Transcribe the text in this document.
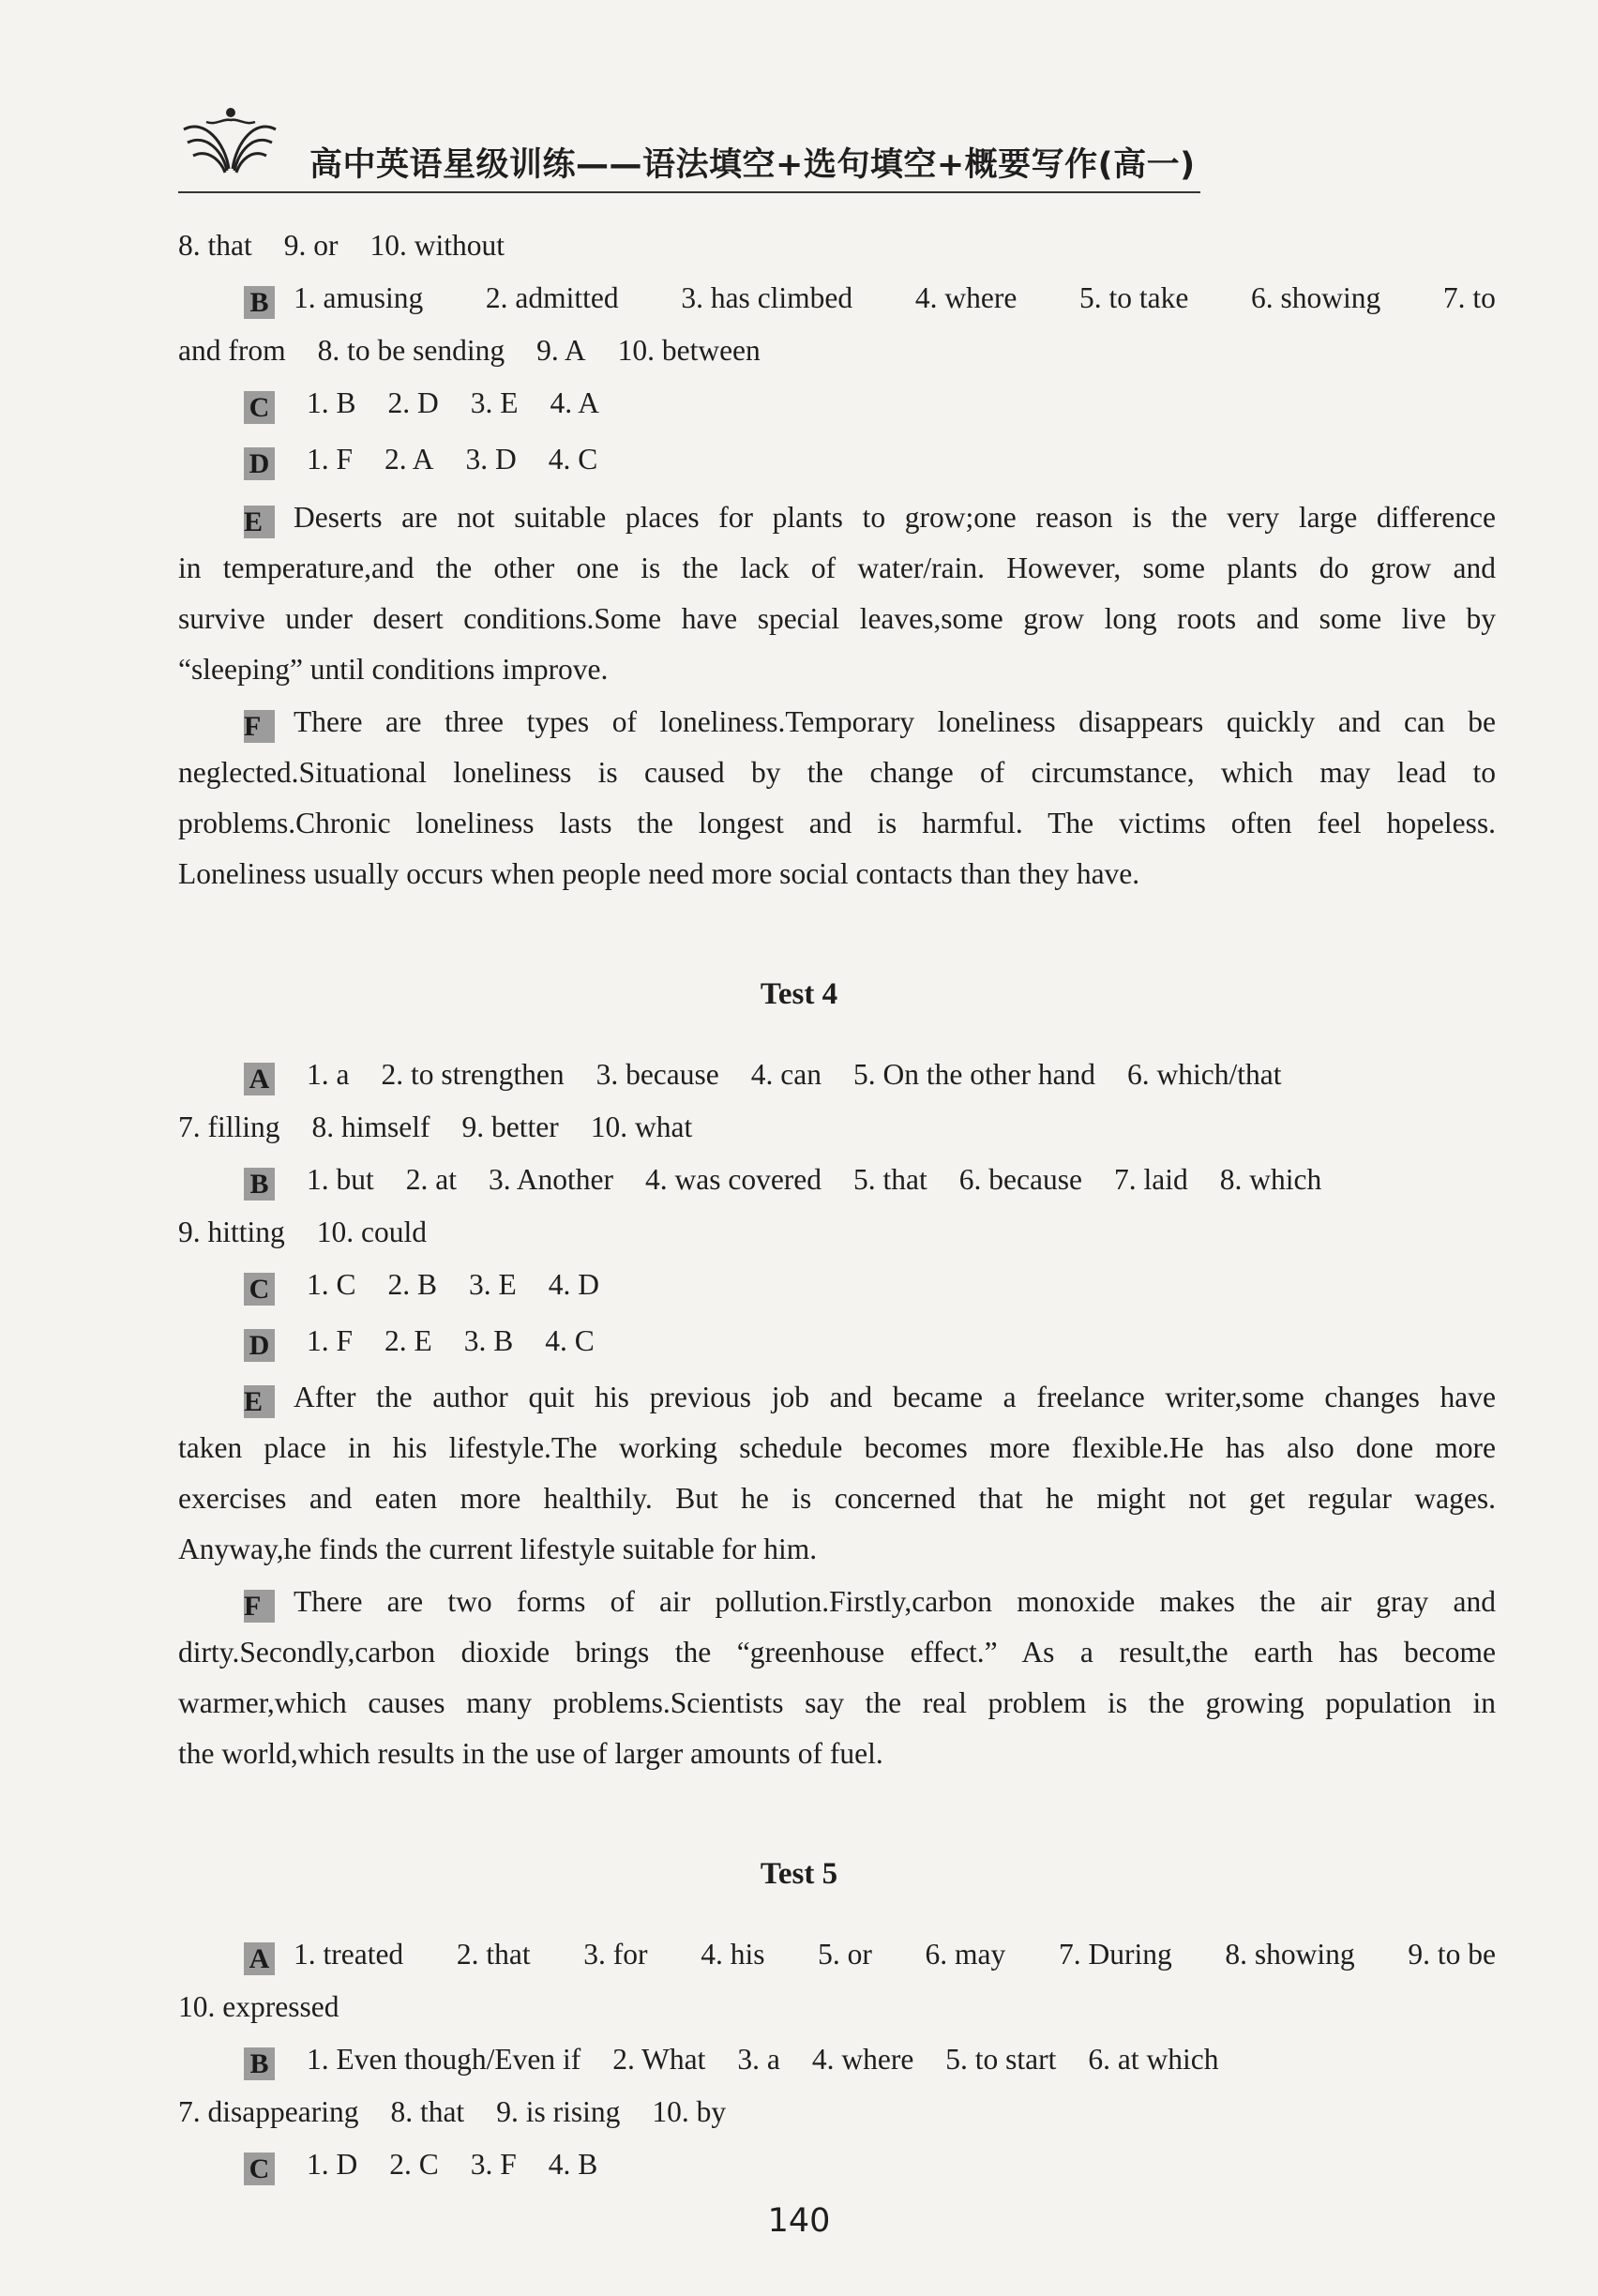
高中英语星级训练——语法填空+选句填空+概要写作(高一)
8. that 9. or 10. without
B 1. amusing 2. admitted 3. has climbed 4. where 5. to take 6. showing 7. to
and from 8. to be sending 9. A 10. between
C 1. B 2. D 3. E 4. A
D 1. F 2. A 3. D 4. C
E Deserts are not suitable places for plants to grow;one reason is the very large difference
in temperature,and the other one is the lack of water/rain. However, some plants do grow and
survive under desert conditions.Some have special leaves,some grow long roots and some live by
“sleeping” until conditions improve.
F There are three types of loneliness.Temporary loneliness disappears quickly and can be
neglected.Situational loneliness is caused by the change of circumstance, which may lead to
problems.Chronic loneliness lasts the longest and is harmful. The victims often feel hopeless.
Loneliness usually occurs when people need more social contacts than they have.
Test 4
A 1. a 2. to strengthen 3. because 4. can 5. On the other hand 6. which/that
7. filling 8. himself 9. better 10. what
B 1. but 2. at 3. Another 4. was covered 5. that 6. because 7. laid 8. which
9. hitting 10. could
C 1. C 2. B 3. E 4. D
D 1. F 2. E 3. B 4. C
E After the author quit his previous job and became a freelance writer,some changes have
taken place in his lifestyle.The working schedule becomes more flexible.He has also done more
exercises and eaten more healthily. But he is concerned that he might not get regular wages.
Anyway,he finds the current lifestyle suitable for him.
F There are two forms of air pollution.Firstly,carbon monoxide makes the air gray and
dirty.Secondly,carbon dioxide brings the “greenhouse effect.” As a result,the earth has become
warmer,which causes many problems.Scientists say the real problem is the growing population in
the world,which results in the use of larger amounts of fuel.
Test 5
A 1. treated 2. that 3. for 4. his 5. or 6. may 7. During 8. showing 9. to be
10. expressed
B 1. Even though/Even if 2. What 3. a 4. where 5. to start 6. at which
7. disappearing 8. that 9. is rising 10. by
C 1. D 2. C 3. F 4. B
140
